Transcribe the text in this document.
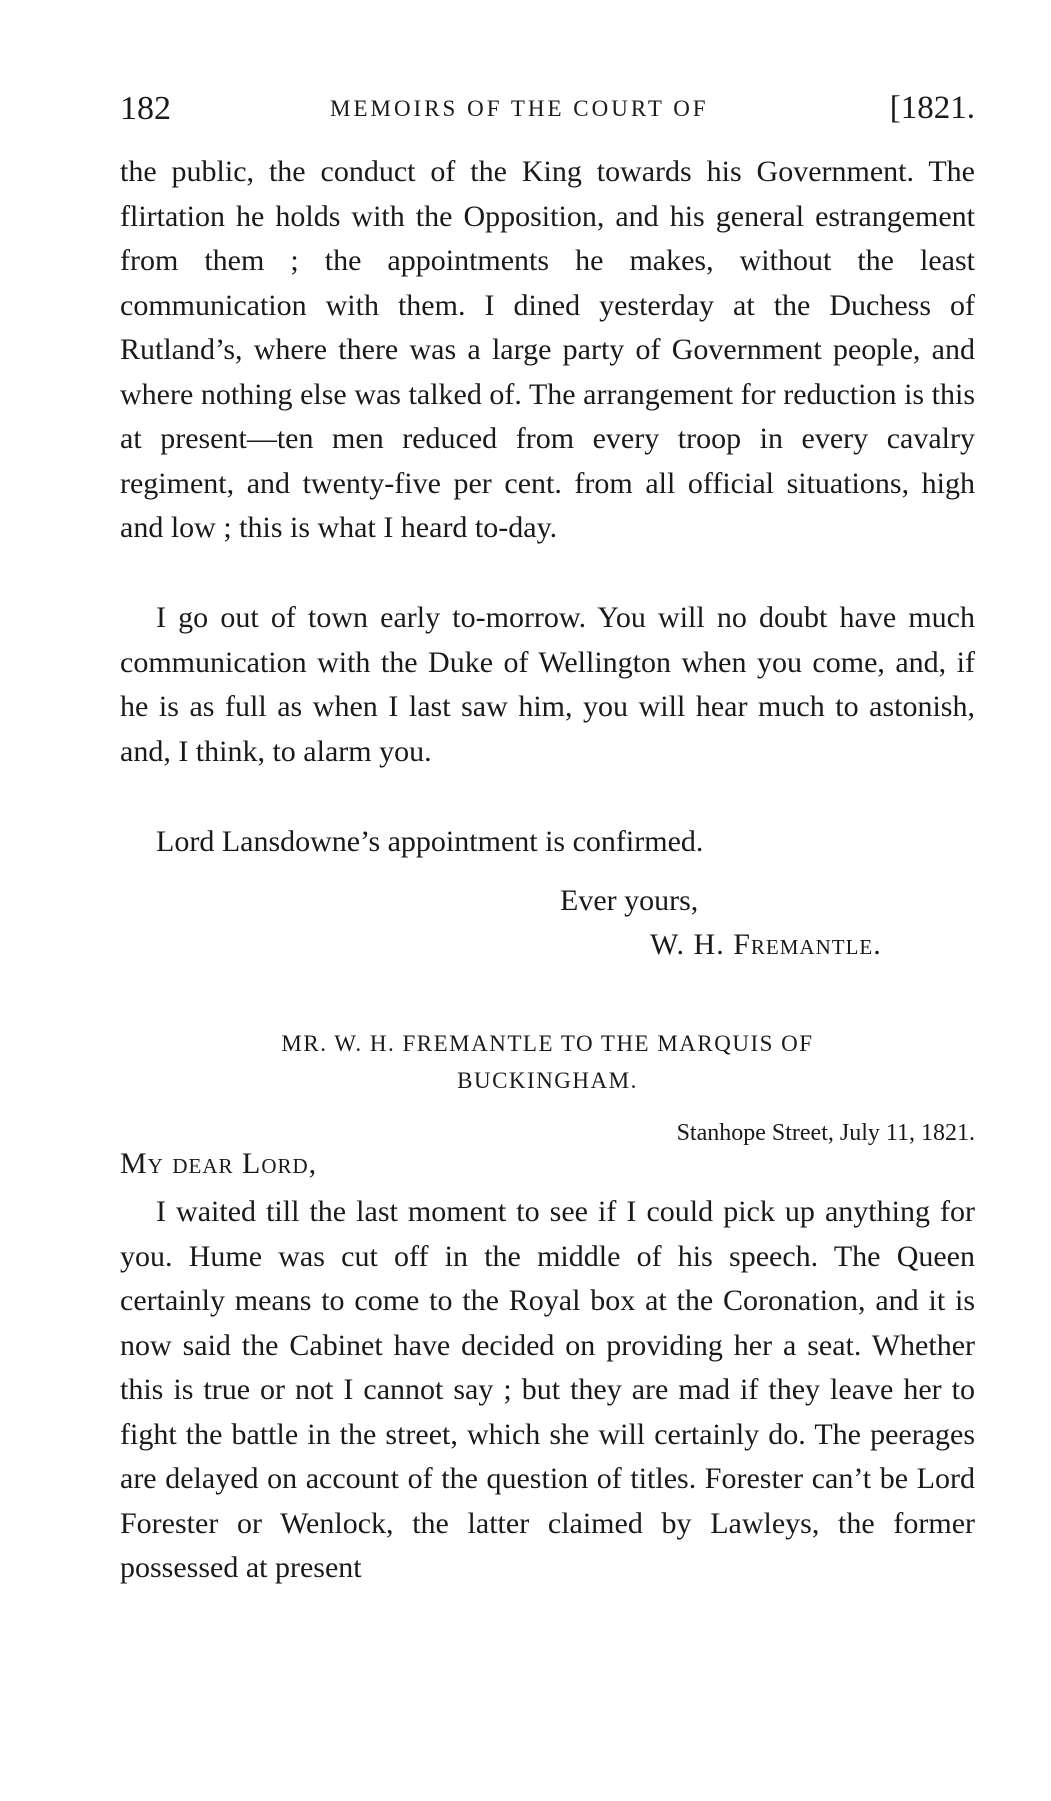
182	MEMOIRS OF THE COURT OF	[1821.

the public, the conduct of the King towards his Government. The flirtation he holds with the Opposition, and his general estrangement from them ; the appointments he makes, without the least communication with them. I dined yesterday at the Duchess of Rutland’s, where there was a large party of Government people, and where nothing else was talked of. The arrangement for reduction is this at present—ten men reduced from every troop in every cavalry regiment, and twenty-five per cent. from all official situations, high and low ; this is what I heard to-day.

I go out of town early to-morrow. You will no doubt have much communication with the Duke of Wellington when you come, and, if he is as full as when I last saw him, you will hear much to astonish, and, I think, to alarm you.

Lord Lansdowne’s appointment is confirmed.

Ever yours,
W. H. Fremantle.
MR. W. H. FREMANTLE TO THE MARQUIS OF
BUCKINGHAM.
Stanhope Street, July 11, 1821.
My dear Lord,

I waited till the last moment to see if I could pick up anything for you. Hume was cut off in the middle of his speech. The Queen certainly means to come to the Royal box at the Coronation, and it is now said the Cabinet have decided on providing her a seat. Whether this is true or not I cannot say ; but they are mad if they leave her to fight the battle in the street, which she will certainly do. The peerages are delayed on account of the question of titles. Forester can’t be Lord Forester or Wenlock, the latter claimed by Lawleys, the former possessed at present
